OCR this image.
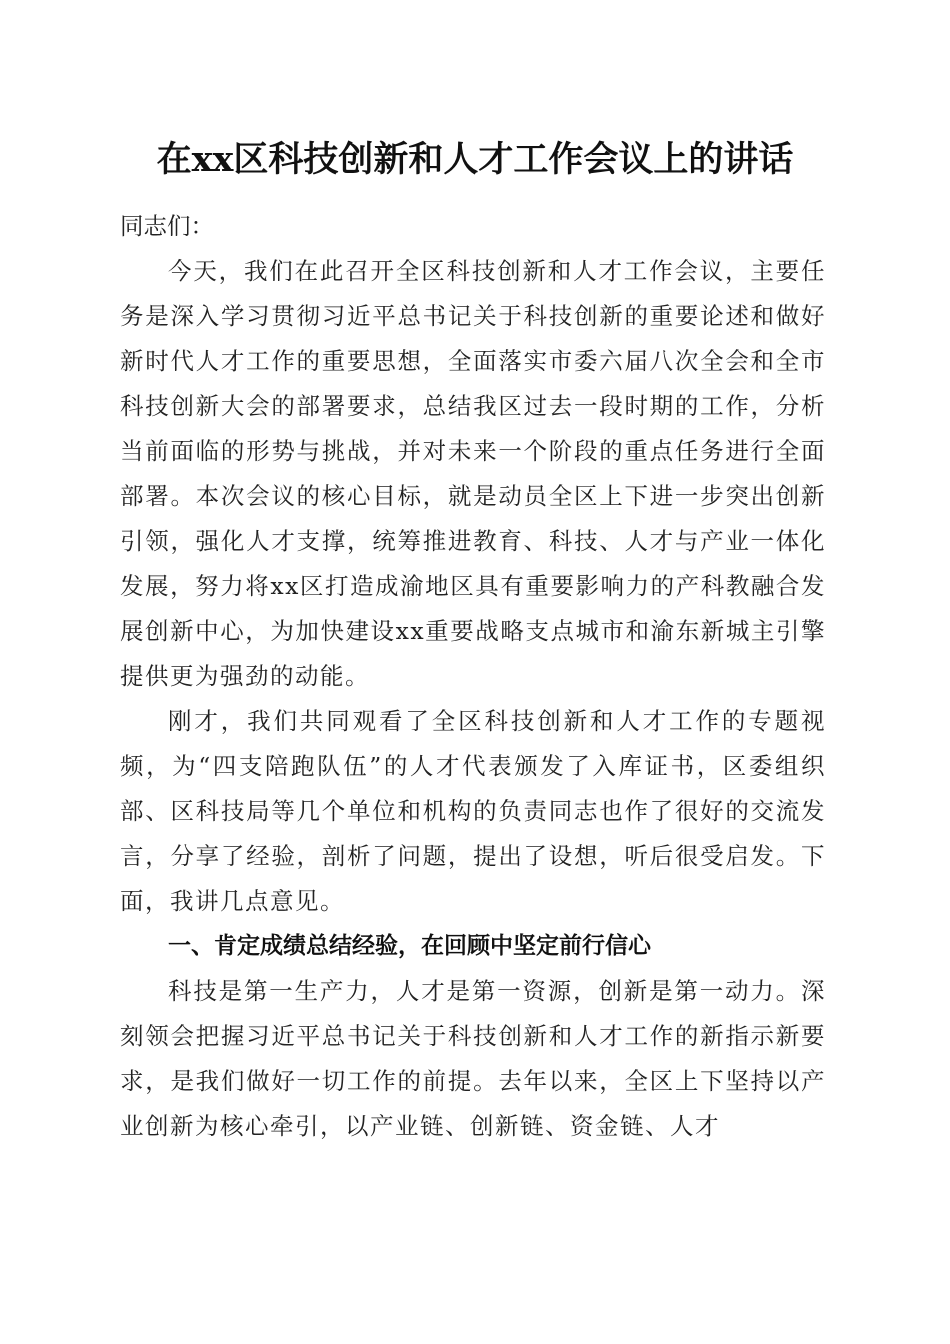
在xx区科技创新和人才工作会议上的讲话

同志们：

今天，我们在此召开全区科技创新和人才工作会议，主要任务是深入学习贯彻习近平总书记关于科技创新的重要论述和做好新时代人才工作的重要思想，全面落实市委六届八次全会和全市科技创新大会的部署要求，总结我区过去一段时期的工作，分析当前面临的形势与挑战，并对未来一个阶段的重点任务进行全面部署。本次会议的核心目标，就是动员全区上下进一步突出创新引领，强化人才支撑，统筹推进教育、科技、人才与产业一体化发展，努力将xx区打造成渝地区具有重要影响力的产科教融合发展创新中心，为加快建设xx重要战略支点城市和渝东新城主引擎提供更为强劲的动能。

刚才，我们共同观看了全区科技创新和人才工作的专题视频，为“四支陪跑队伍”的人才代表颁发了入库证书，区委组织部、区科技局等几个单位和机构的负责同志也作了很好的交流发言，分享了经验，剖析了问题，提出了设想，听后很受启发。下面，我讲几点意见。

一、肯定成绩总结经验，在回顾中坚定前行信心

科技是第一生产力，人才是第一资源，创新是第一动力。深刻领会把握习近平总书记关于科技创新和人才工作的新指示新要求，是我们做好一切工作的前提。去年以来，全区上下坚持以产业创新为核心牵引，以产业链、创新链、资金链、人才
